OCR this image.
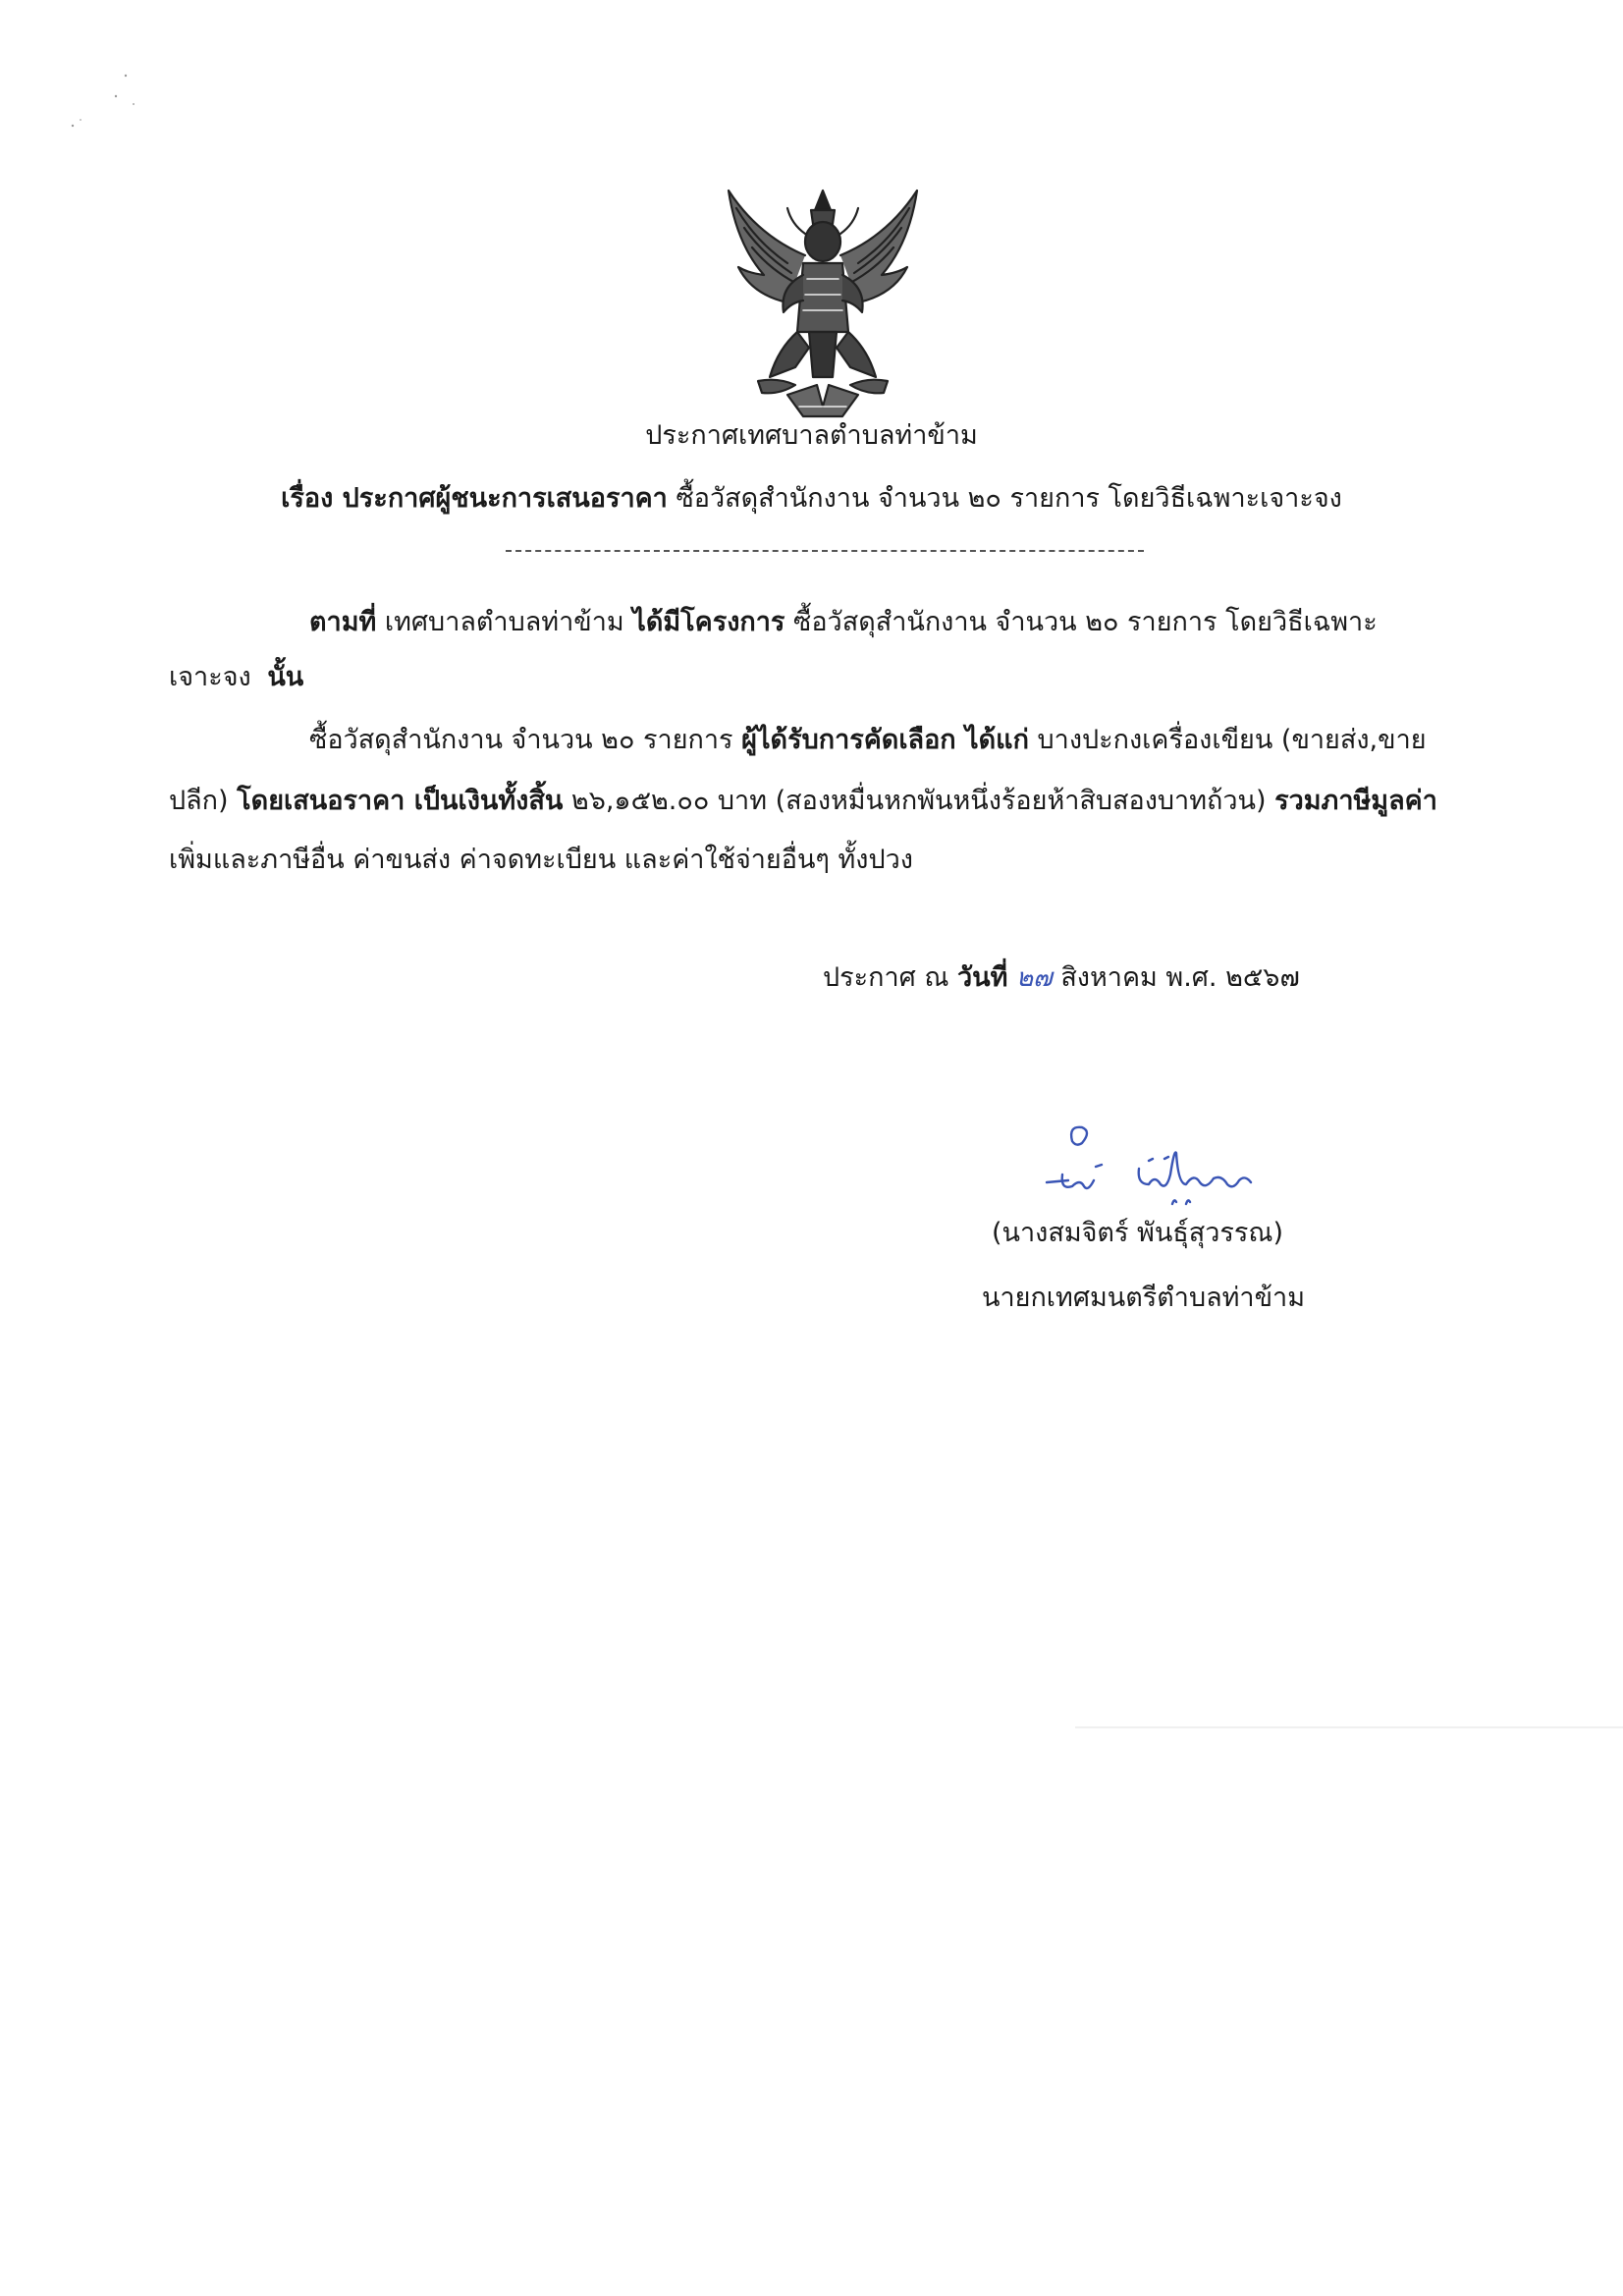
ประกาศเทศบาลตำบลท่าข้าม
เรื่อง ประกาศผู้ชนะการเสนอราคา ซื้อวัสดุสำนักงาน จำนวน ๒๐ รายการ โดยวิธีเฉพาะเจาะจง
ตามที่ เทศบาลตำบลท่าข้าม ได้มีโครงการ ซื้อวัสดุสำนักงาน จำนวน ๒๐ รายการ โดยวิธีเฉพาะ
เจาะจง นั้น
ซื้อวัสดุสำนักงาน จำนวน ๒๐ รายการ ผู้ได้รับการคัดเลือก ได้แก่ บางปะกงเครื่องเขียน (ขายส่ง,ขาย
ปลีก) โดยเสนอราคา เป็นเงินทั้งสิ้น ๒๖,๑๕๒.๐๐ บาท (สองหมื่นหกพันหนึ่งร้อยห้าสิบสองบาทถ้วน) รวมภาษีมูลค่า
เพิ่มและภาษีอื่น ค่าขนส่ง ค่าจดทะเบียน และค่าใช้จ่ายอื่นๆ ทั้งปวง
ประกาศ ณ วันที่ ๒๗ สิงหาคม พ.ศ. ๒๕๖๗
(นางสมจิตร์ พันธุ์สุวรรณ)
นายกเทศมนตรีตำบลท่าข้าม
